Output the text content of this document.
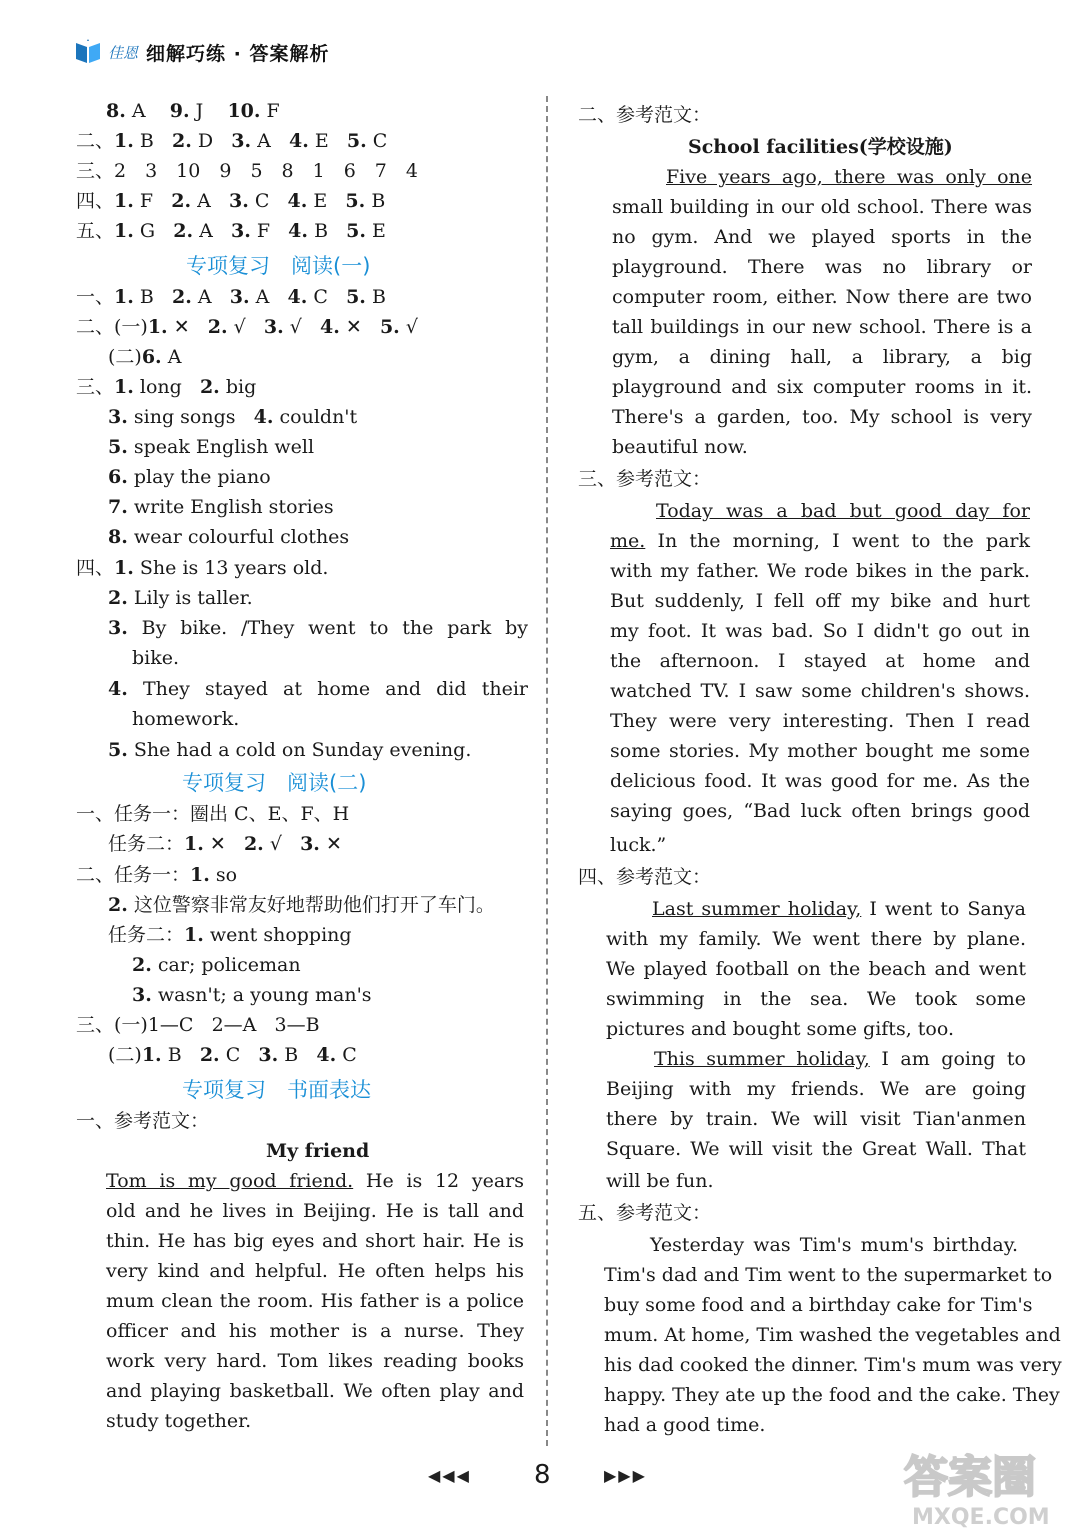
佳恩 细解巧练 · 答案解析
8. A 9. J 10. F
二、1. B 2. D 3. A 4. E 5. C
三、2　3　10　9　5　8　1　6　7　4
四、1. F 2. A 3. C 4. E 5. B
五、1. G 2. A 3. F 4. B 5. E
专项复习　阅读(一)
一、1. B 2. A 3. A 4. C 5. B
二、(一)1. ✕ 2. √ 3. √ 4. ✕ 5. √
(二)6. A
三、1. long 2. big
3. sing songs 4. couldn't
5. speak English well
6. play the piano
7. write English stories
8. wear colourful clothes
四、1. She is 13 years old.
2. Lily is taller.
3. By bike. /They went to the park by
bike.
4. They stayed at home and did their
homework.
5. She had a cold on Sunday evening.
专项复习　阅读(二)
一、任务一：圈出 C、E、F、H
任务二：1. ✕ 2. √ 3. ✕
二、任务一：1. so
2. 这位警察非常友好地帮助他们打开了车门。
任务二：1. went shopping
2. car; policeman
3. wasn't; a young man's
三、(一)1—C 2—A 3—B
(二)1. B 2. C 3. B 4. C
专项复习　书面表达
一、参考范文：
My friend
Tom is my good friend. He is 12 years
old and he lives in Beijing. He is tall and
thin. He has big eyes and short hair. He is
very kind and helpful. He often helps his
mum clean the room. His father is a police
officer and his mother is a nurse. They
work very hard. Tom likes reading books
and playing basketball. We often play and
study together.
二、参考范文：
School facilities(学校设施)
Five years ago, there was only one
small building in our old school. There was
no gym. And we played sports in the
playground. There was no library or
computer room, either. Now there are two
tall buildings in our new school. There is a
gym, a dining hall, a library, a big
playground and six computer rooms in it.
There's a garden, too. My school is very
beautiful now.
三、参考范文：
Today was a bad but good day for
me. In the morning, I went to the park
with my father. We rode bikes in the park.
But suddenly, I fell off my bike and hurt
my foot. It was bad. So I didn't go out in
the afternoon. I stayed at home and
watched TV. I saw some children's shows.
They were very interesting. Then I read
some stories. My mother bought me some
delicious food. It was good for me. As the
saying goes, “Bad luck often brings good
luck.”
四、参考范文：
Last summer holiday, I went to Sanya
with my family. We went there by plane.
We played football on the beach and went
swimming in the sea. We took some
pictures and bought some gifts, too.
This summer holiday, I am going to
Beijing with my friends. We are going
there by train. We will visit Tian'anmen
Square. We will visit the Great Wall. That
will be fun.
五、参考范文：
Yesterday was Tim's mum's birthday.
Tim's dad and Tim went to the supermarket to
buy some food and a birthday cake for Tim's
mum. At home, Tim washed the vegetables and
his dad cooked the dinner. Tim's mum was very
happy. They ate up the food and the cake. They
had a good time.
◀◀◀ 8	▶▶▶	答案圈
MXQE.COM
